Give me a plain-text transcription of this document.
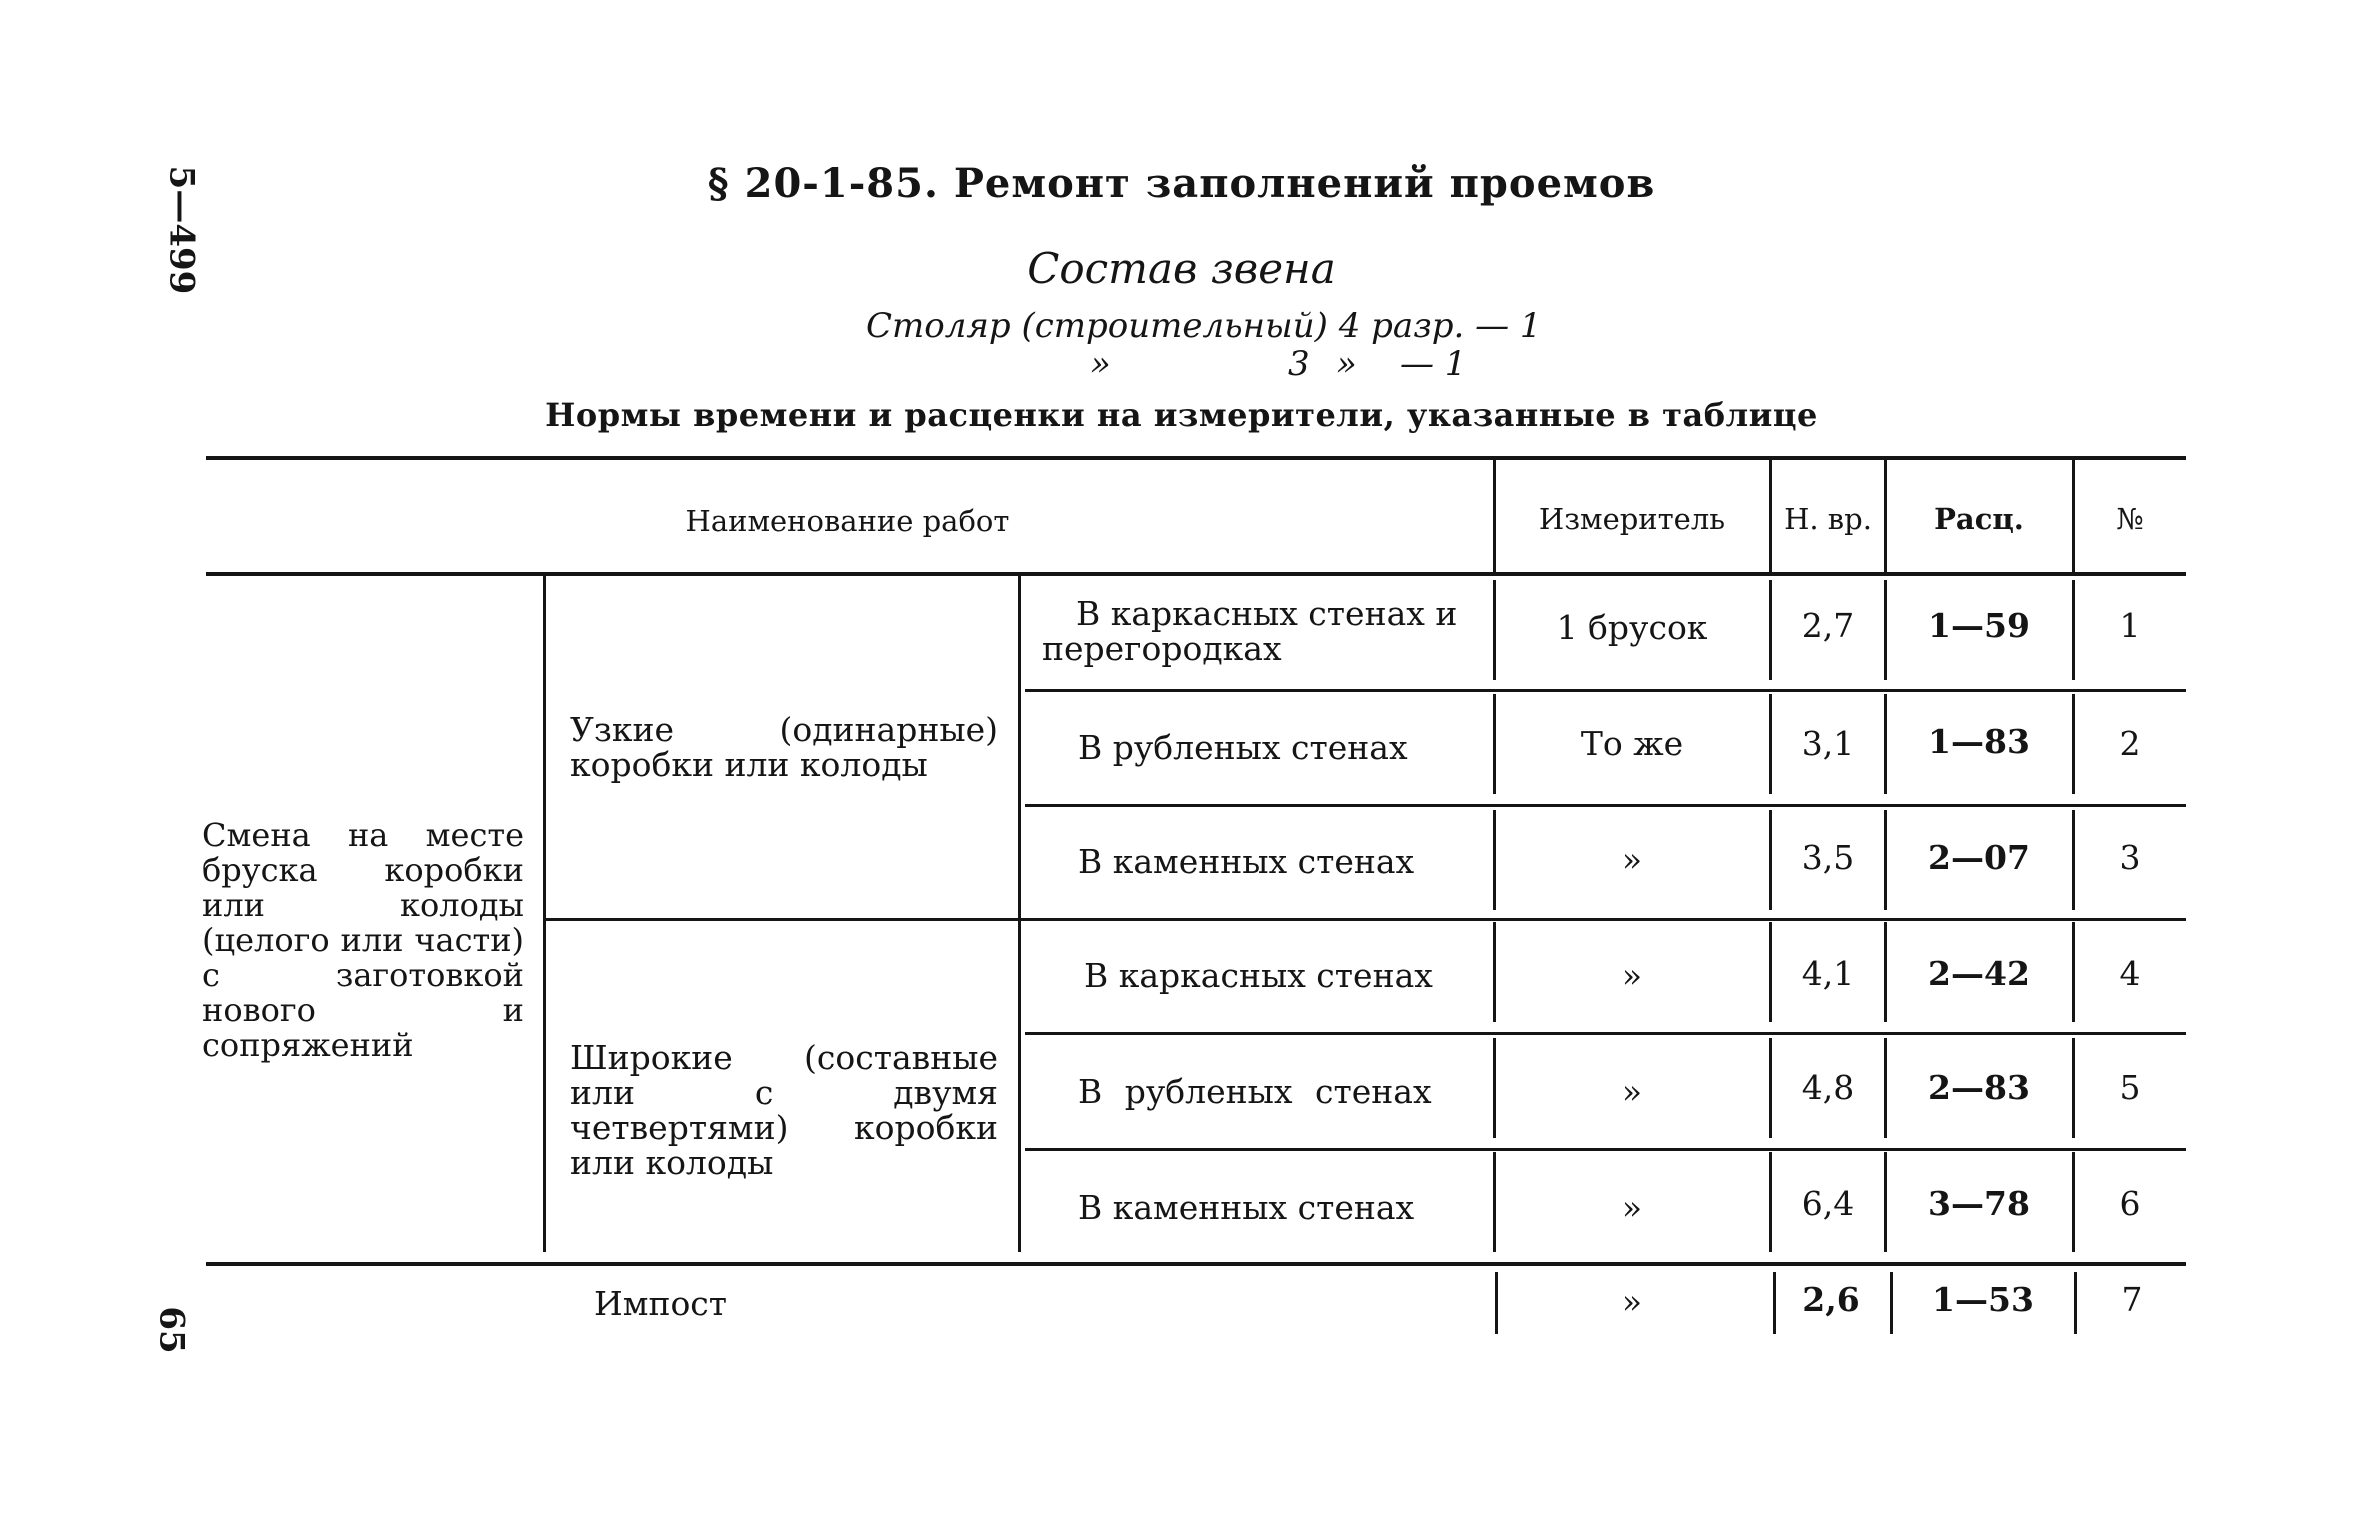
5—499
65
§ 20-1-85. Ремонт заполнений проемов
Состав звена
Столяр (строительный) 4 разр. — 1
»	3 » — 1
Нормы времени и расценки на измерители, указанные в таблице
Наименование работ	Измеритель	Н. вр.	Расц.	№
Смена на месте бруска коробки или колоды (целого или части) с заготовкой нового и сопряжений
Узкие (одинарные) коробки или колоды
Широкие (составные или с двумя четвертями) коробки или колоды
В каркасных стенах и перегородках
1 брусок	2,7	1—59	1
В рубленых стенах	То же	3,1	1—83	2
В каменных стенах	»	3,5	2—07	3
В каркасных стенах	»	4,1	2—42	4
В рубленых стенах	»	4,8	2—83	5
В каменных стенах	»	6,4	3—78	6
Импост	»	2,6	1—53	7
